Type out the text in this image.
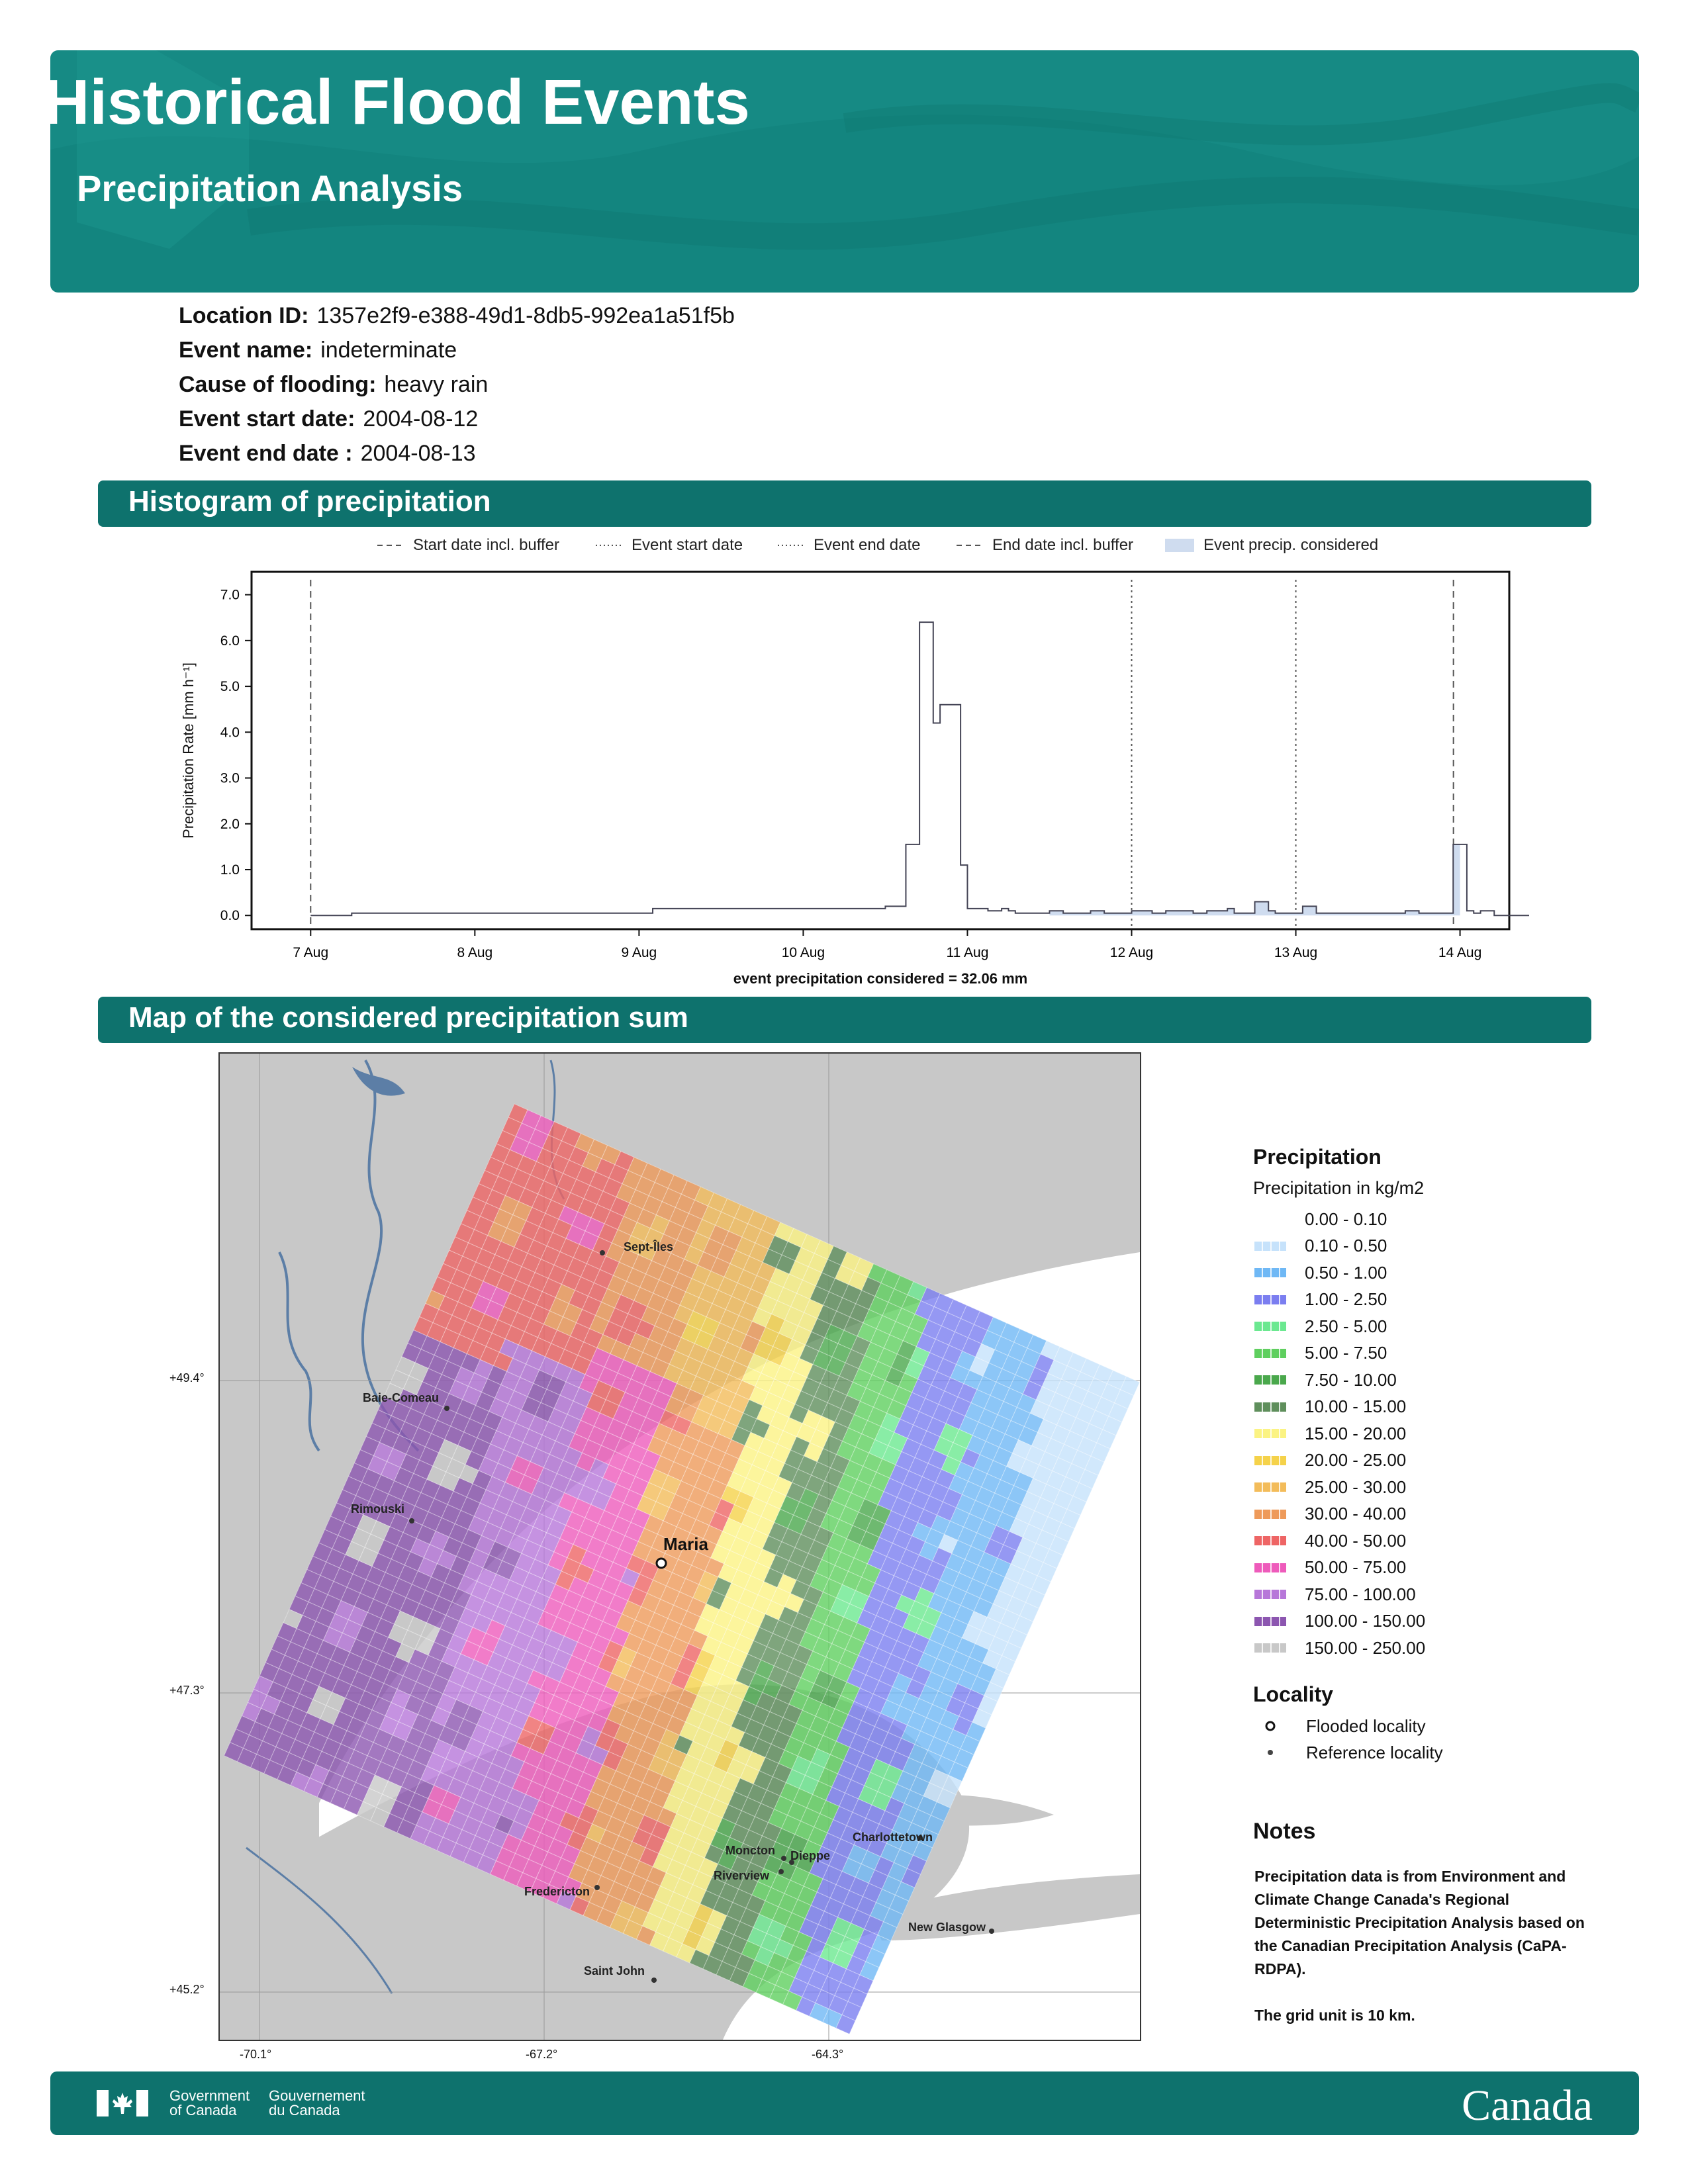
Historical Flood Events
Precipitation Analysis
Location ID: 1357e2f9-e388-49d1-8db5-992ea1a51f5b
Event name: indeterminate
Cause of flooding: heavy rain
Event start date: 2004-08-12
Event end date : 2004-08-13
Histogram of precipitation
Start date incl. buffer	Event start date	Event end date	End date incl. buffer	Event precip. considered
0.0
1.0
2.0
3.0
4.0
5.0
6.0
7.0
7 Aug	8 Aug	9 Aug	10 Aug	11 Aug	12 Aug	13 Aug	14 Aug
Precipitation Rate [mm h⁻¹]
event precipitation considered = 32.06 mm
Map of the considered precipitation sum
Sept-Îles
Baie-Comeau
Rimouski
Maria
Charlottetown
Moncton Dieppe
Riverview
Fredericton
New Glasgow
Saint John
+49.4°
+47.3°
+45.2°
-70.1°	-67.2°	-64.3°
Precipitation
Precipitation in kg/m2
0.00 - 0.10
0.10 - 0.50
0.50 - 1.00
1.00 - 2.50
2.50 - 5.00
5.00 - 7.50
7.50 - 10.00
10.00 - 15.00
15.00 - 20.00
20.00 - 25.00
25.00 - 30.00
30.00 - 40.00
40.00 - 50.00
50.00 - 75.00
75.00 - 100.00
100.00 - 150.00
150.00 - 250.00
Locality
Flooded locality
Reference locality
Notes
Precipitation data is from Environment and Climate Change Canada's Regional Deterministic Precipitation Analysis based on the Canadian Precipitation Analysis (CaPA-RDPA).
The grid unit is 10 km.
Government
of Canada
Gouvernement
du Canada	Canada
